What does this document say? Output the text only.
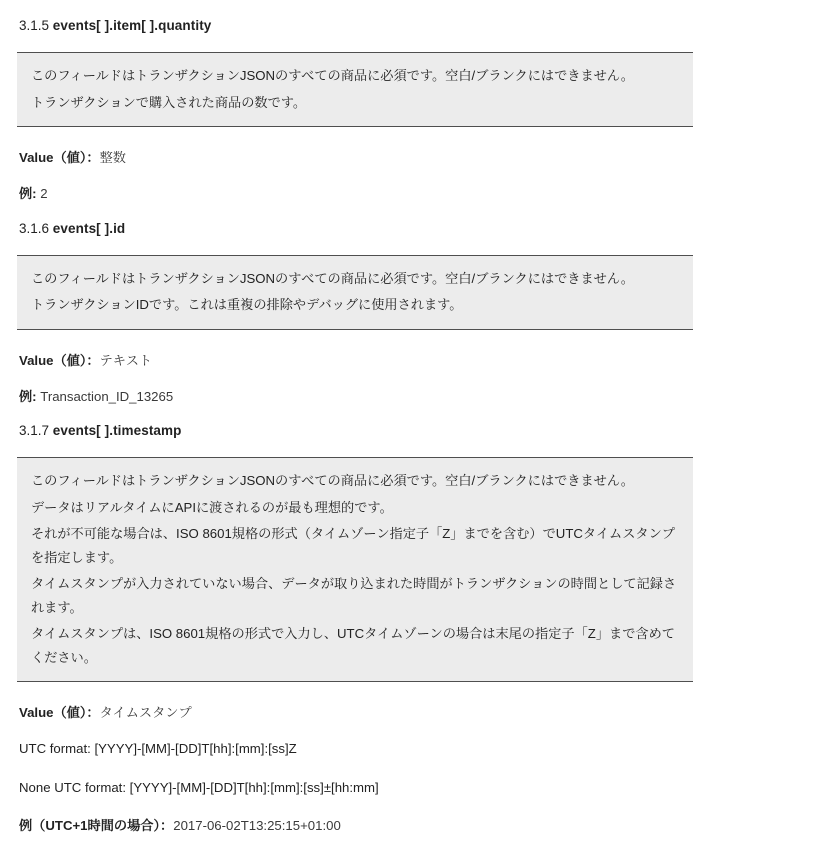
3.1.5 events[ ].item[ ].quantity

このフィールドはトランザクションJSONのすべての商品に必須です。空白/ブランクにはできません。

トランザクションで購入された商品の数です。

Value（値）：整数
例: 2
3.1.6 events[ ].id

このフィールドはトランザクションJSONのすべての商品に必須です。空白/ブランクにはできません。

トランザクションIDです。これは重複の排除やデバッグに使用されます。

Value（値）：テキスト
例: Transaction_ID_13265
3.1.7 events[ ].timestamp

このフィールドはトランザクションJSONのすべての商品に必須です。空白/ブランクにはできません。

データはリアルタイムにAPIに渡されるのが最も理想的です。

それが不可能な場合は、ISO 8601規格の形式（タイムゾーン指定子「Z」までを含む）でUTCタイムスタンプを指定します。

タイムスタンプが入力されていない場合、データが取り込まれた時間がトランザクションの時間として記録されます。

タイムスタンプは、ISO 8601規格の形式で入力し、UTCタイムゾーンの場合は末尾の指定子「Z」まで含めてください。

Value（値）：タイムスタンプ
UTC format: [YYYY]-[MM]-[DD]T[hh]:[mm]:[ss]Z
None UTC format: [YYYY]-[MM]-[DD]T[hh]:[mm]:[ss]±[hh:mm]
例（UTC+1時間の場合）：2017-06-02T13:25:15+01:00
